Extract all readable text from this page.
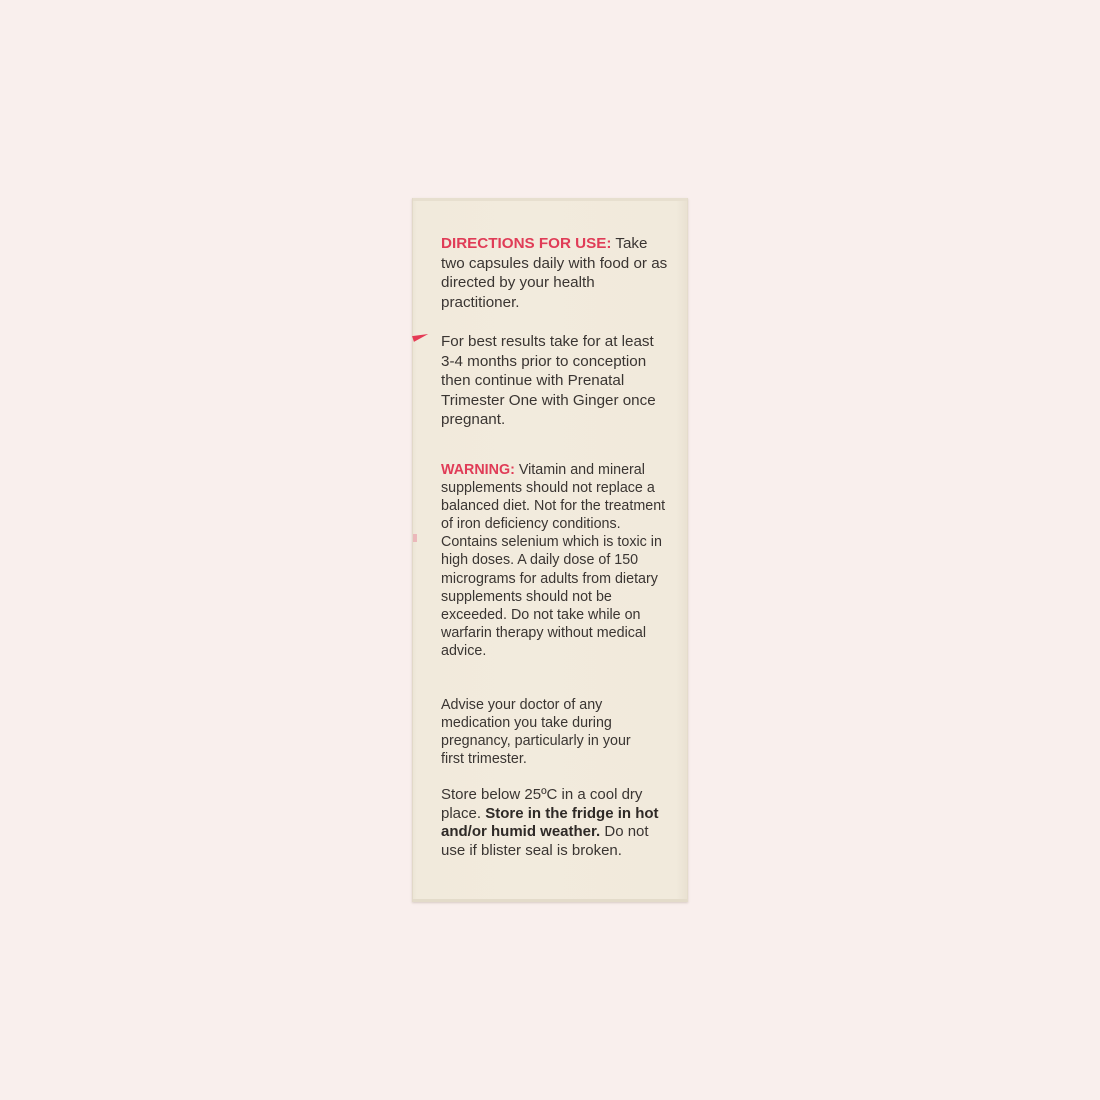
DIRECTIONS FOR USE: Take two capsules daily with food or as directed by your health practitioner.

For best results take for at least 3-4 months prior to conception then continue with Prenatal Trimester One with Ginger once pregnant.

WARNING: Vitamin and mineral supplements should not replace a balanced diet. Not for the treatment of iron deficiency conditions. Contains selenium which is toxic in high doses. A daily dose of 150 micrograms for adults from dietary supplements should not be exceeded. Do not take while on warfarin therapy without medical advice.

Advise your doctor of any medication you take during pregnancy, particularly in your first trimester.

Store below 25ºC in a cool dry place. Store in the fridge in hot and/or humid weather. Do not use if blister seal is broken.
